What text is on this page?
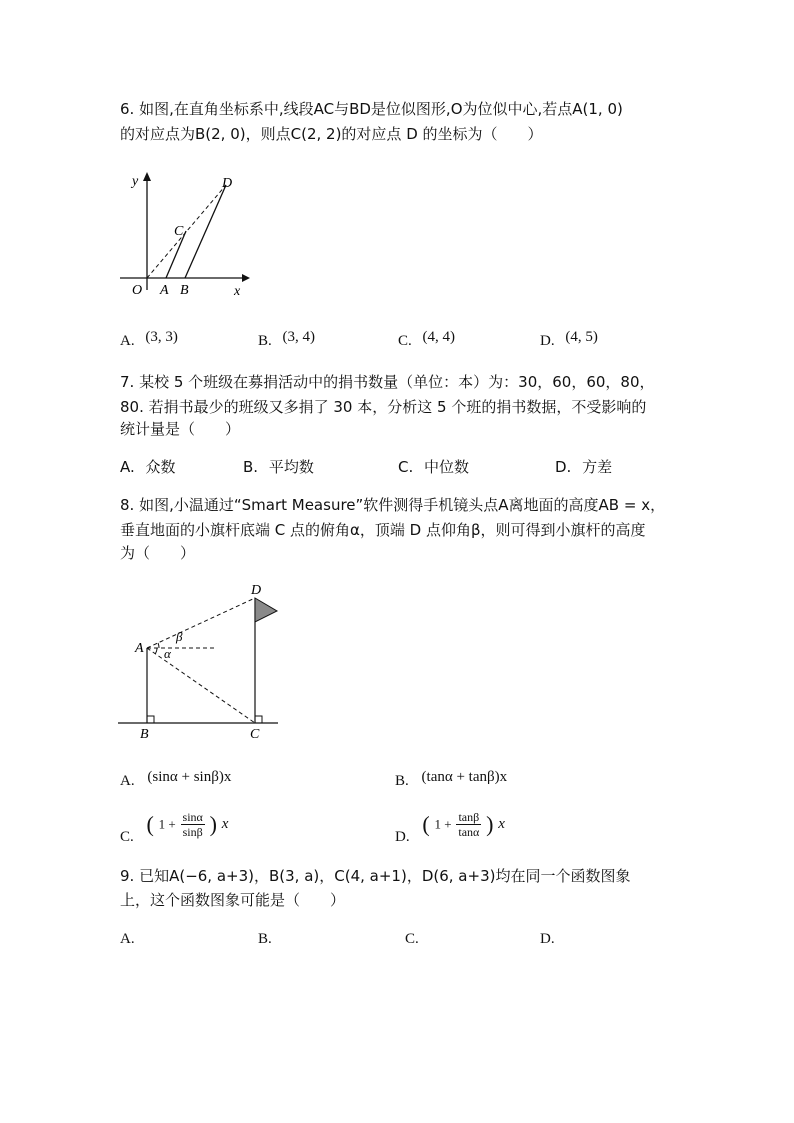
6. 如图,在直角坐标系中,线段AC与BD是位似图形,O为位似中心,若点A(1, 0)
的对应点为B(2, 0)，则点C(2, 2)的对应点 D 的坐标为（　　）
y
x
O A B
C
D
A. (3, 3)	B. (3, 4)	C. (4, 4)	D. (4, 5)
7. 某校 5 个班级在募捐活动中的捐书数量（单位：本）为：30，60，60，80，
80. 若捐书最少的班级又多捐了 30 本，分析这 5 个班的捐书数据，不受影响的
统计量是（　　）
A. 众数	B. 平均数	C. 中位数	D. 方差
8. 如图,小温通过“Smart Measure”软件测得手机镜头点A离地面的高度AB = x，
垂直地面的小旗杆底端 C 点的俯角α，顶端 D 点仰角β，则可得到小旗杆的高度
为（　　）
A
B	C
D
β
α
A. (sinα + sinβ)x	B. (tanα + tanβ)x
C. ( $1 + \frac{\sin\alpha}{\sin\beta}$ ) x
D. ( $1 + \frac{\tan\beta}{\tan\alpha}$ ) x
9. 已知A(−6, a+3)，B(3, a)，C(4, a+1)，D(6, a+3)均在同一个函数图象
上，这个函数图象可能是（　　）
A.	B.	C.	D.
